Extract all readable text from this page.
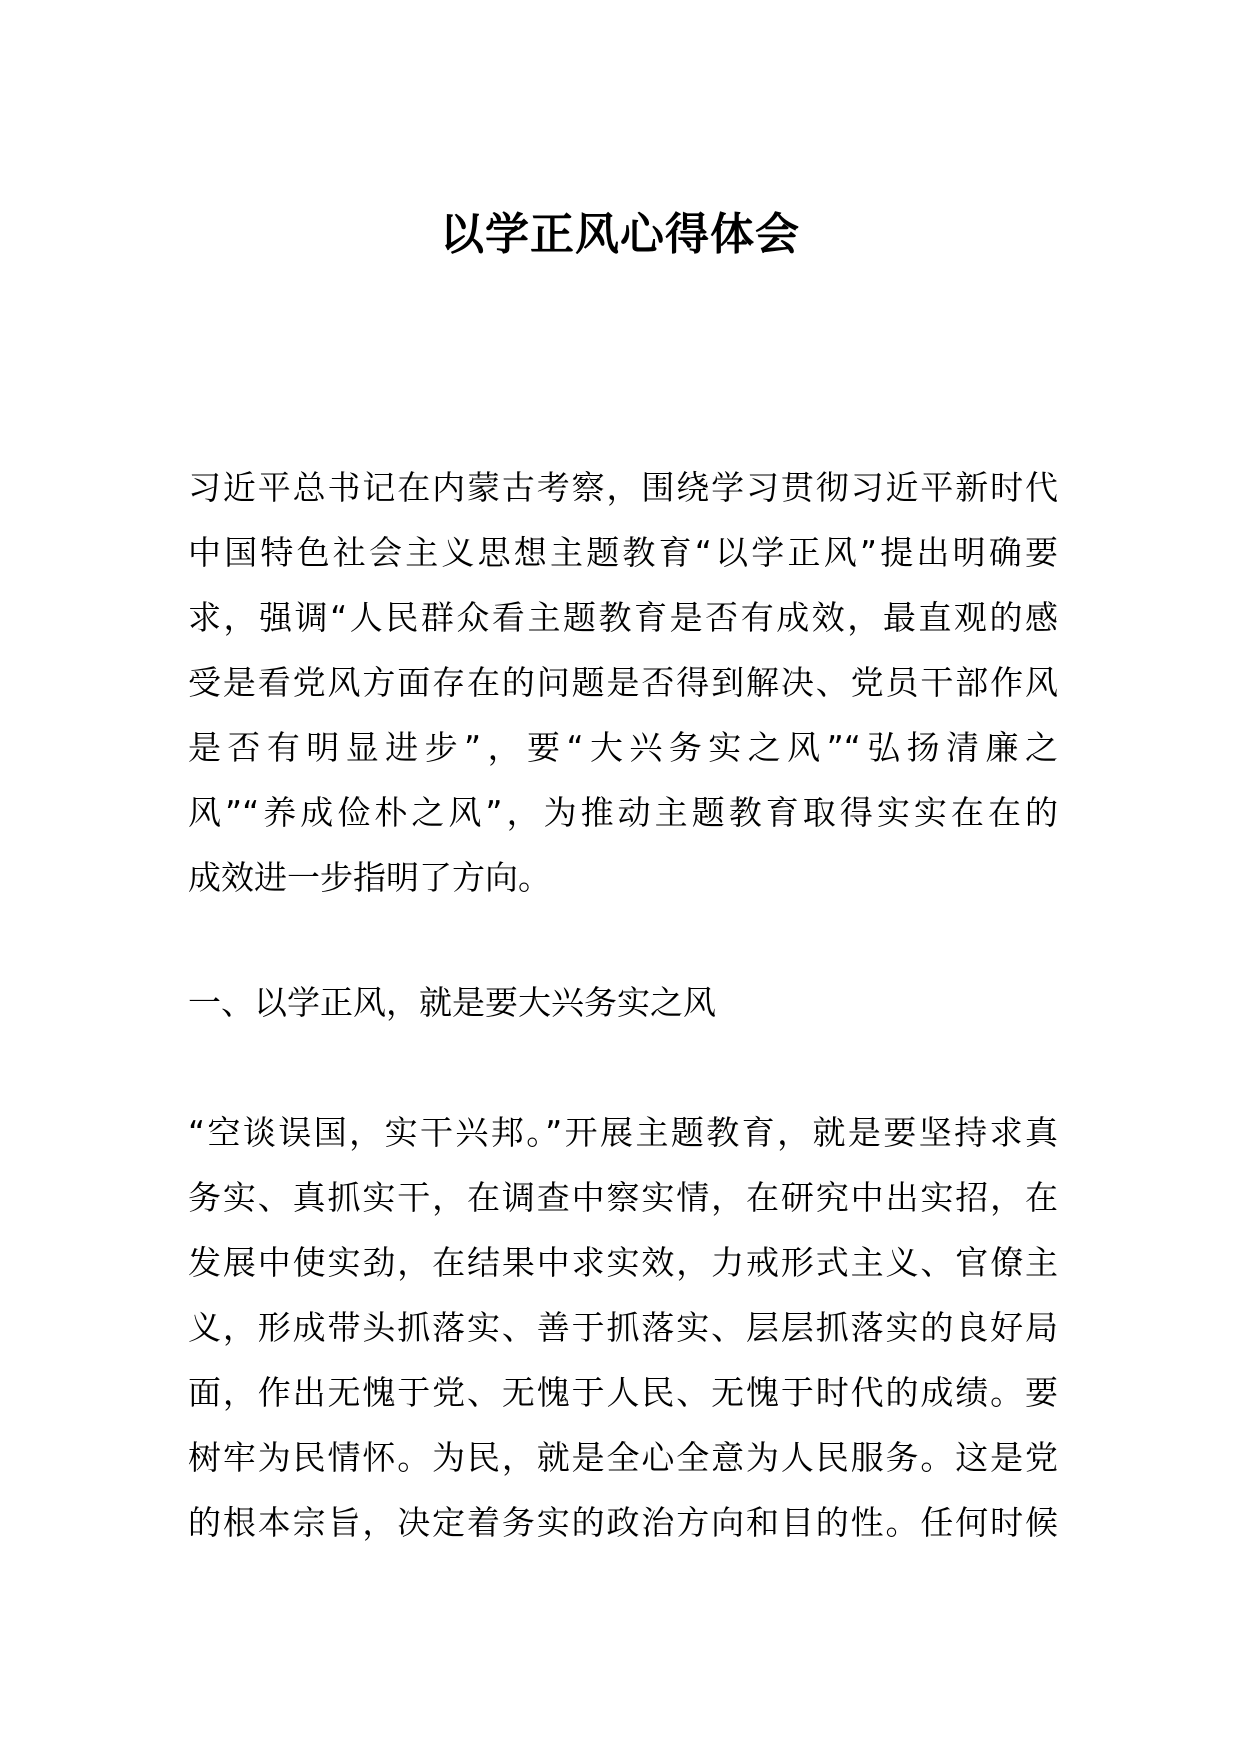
以学正风心得体会
习近平总书记在内蒙古考察，围绕学习贯彻习近平新时代
中国特色社会主义思想主题教育“以学正风”提出明确要
求，强调“人民群众看主题教育是否有成效，最直观的感
受是看党风方面存在的问题是否得到解决、党员干部作风
是否有明显进步”，要“大兴务实之风”“弘扬清廉之
风”“养成俭朴之风”，为推动主题教育取得实实在在的
成效进一步指明了方向。
一、以学正风，就是要大兴务实之风
“空谈误国，实干兴邦。”开展主题教育，就是要坚持求真
务实、真抓实干，在调查中察实情，在研究中出实招，在
发展中使实劲，在结果中求实效，力戒形式主义、官僚主
义，形成带头抓落实、善于抓落实、层层抓落实的良好局
面，作出无愧于党、无愧于人民、无愧于时代的成绩。要
树牢为民情怀。为民，就是全心全意为人民服务。这是党
的根本宗旨，决定着务实的政治方向和目的性。任何时候
